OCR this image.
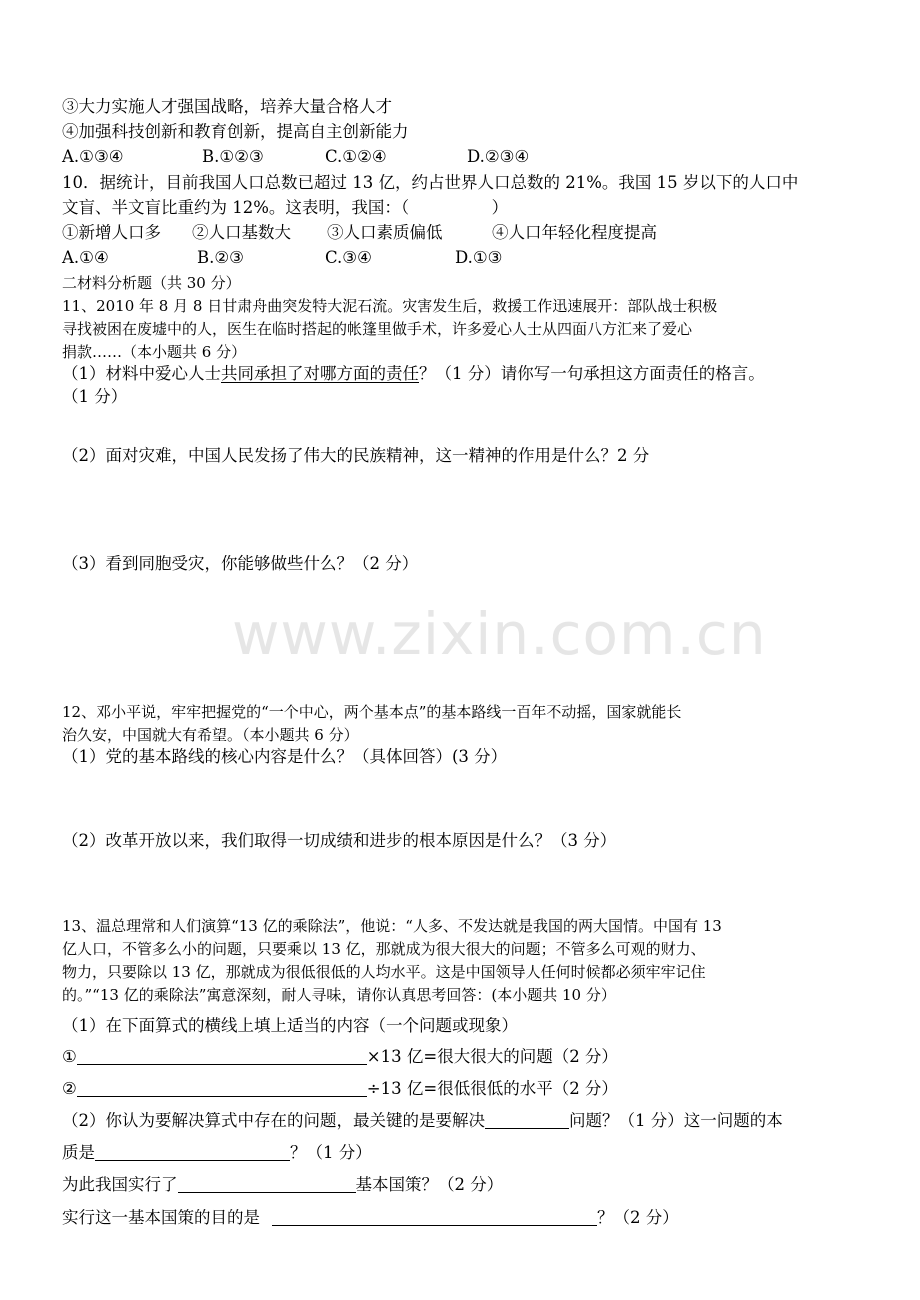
www.zixin.com.cn
③大力实施人才强国战略，培养大量合格人才
④加强科技创新和教育创新，提高自主创新能力
A.①③④	B.①②③	C.①②④	D.②③④
10．据统计，目前我国人口总数已超过 13 亿，约占世界人口总数的 21%。我国 15 岁以下的人口中
文盲、半文盲比重约为 12%。这表明，我国：（　　　　　）
①新增人口多 ②人口基数大 ③人口素质偏低	④人口年轻化程度提高
A.①④	B.②③	C.③④	D.①③
二材料分析题（共 30 分）
11、2010 年 8 月 8 日甘肃舟曲突发特大泥石流。灾害发生后，救援工作迅速展开：部队战士积极
寻找被困在废墟中的人，医生在临时搭起的帐篷里做手术，许多爱心人士从四面八方汇来了爱心
捐款……（本小题共 6 分）
（1）材料中爱心人士共同承担了对哪方面的责任？（1 分）请你写一句承担这方面责任的格言。
（1 分）
（2）面对灾难，中国人民发扬了伟大的民族精神，这一精神的作用是什么？2 分
（3）看到同胞受灾，你能够做些什么？（2 分）
12、邓小平说，牢牢把握党的“一个中心，两个基本点”的基本路线一百年不动摇，国家就能长
治久安，中国就大有希望。（本小题共 6 分）
（1）党的基本路线的核心内容是什么？（具体回答）(3 分）
（2）改革开放以来，我们取得一切成绩和进步的根本原因是什么？（3 分）
13、温总理常和人们演算“13 亿的乘除法”，他说：“人多、不发达就是我国的两大国情。中国有 13
亿人口，不管多么小的问题，只要乘以 13 亿，那就成为很大很大的问题；不管多么可观的财力、
物力，只要除以 13 亿，那就成为很低很低的人均水平。这是中国领导人任何时候都必须牢牢记住
的。”“13 亿的乘除法”寓意深刻，耐人寻味，请你认真思考回答：(本小题共 10 分）
（1）在下面算式的横线上填上适当的内容（一个问题或现象）
①	×13 亿=很大很大的问题（2 分）
②	÷13 亿=很低很低的水平（2 分）
（2）你认为要解决算式中存在的问题，最关键的是要解决	问题？（1 分）这一问题的本
质是	？（1 分）
为此我国实行了	基本国策？（2 分）
实行这一基本国策的目的是	？（2 分）
